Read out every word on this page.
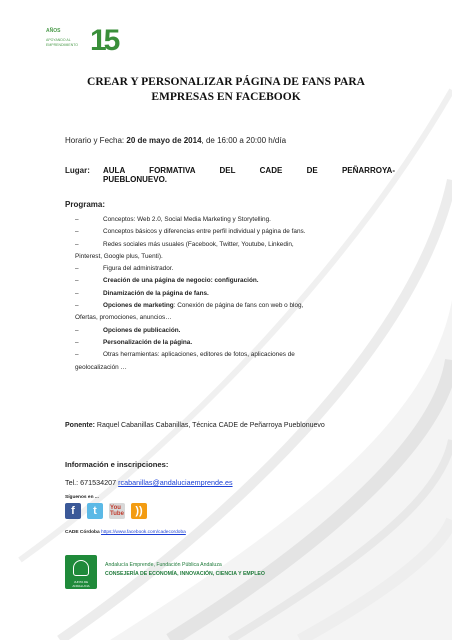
AÑOS
APOYANDO AL EMPRENDIMIENTO 15
CREAR Y PERSONALIZAR PÁGINA DE FANS PARA
EMPRESAS EN FACEBOOK
Horario y Fecha: 20 de mayo de 2014, de 16:00 a 20:00 h/día
Lugar:	AULA FORMATIVA DEL CADE DE PEÑARROYA-
PUEBLONUEVO.
Programa:
–	Conceptos: Web 2.0, Social Media Marketing y Storytelling.
–	Conceptos básicos y diferencias entre perfil individual y página de fans.
–	Redes sociales más usuales (Facebook, Twitter, Youtube, Linkedin,
Pinterest, Google plus, Tuenti).
–	Figura del administrador.
–	Creación de una página de negocio: configuración.
–	Dinamización de la página de fans.
–	Opciones de marketing: Conexión de página de fans con web o blog,
Ofertas, promociones, anuncios…
–	Opciones de publicación.
–	Personalización de la página.
–	Otras herramientas: aplicaciones, editores de fotos, aplicaciones de
geolocalización …
Ponente: Raquel Cabanillas Cabanillas, Técnica CADE de Peñarroya Pueblonuevo
Información e inscripciones:
Tel.: 671534207 rcabanillas@andaluciaemprende.es
Síguenos en ...
f	t	You
Tube	))
CADE Córdoba https://www.facebook.com/cadecordoba
JUNTA DE ANDALUCIA
Andalucía Emprende, Fundación Pública Andaluza
CONSEJERÍA DE ECONOMÍA, INNOVACIÓN, CIENCIA Y EMPLEO
